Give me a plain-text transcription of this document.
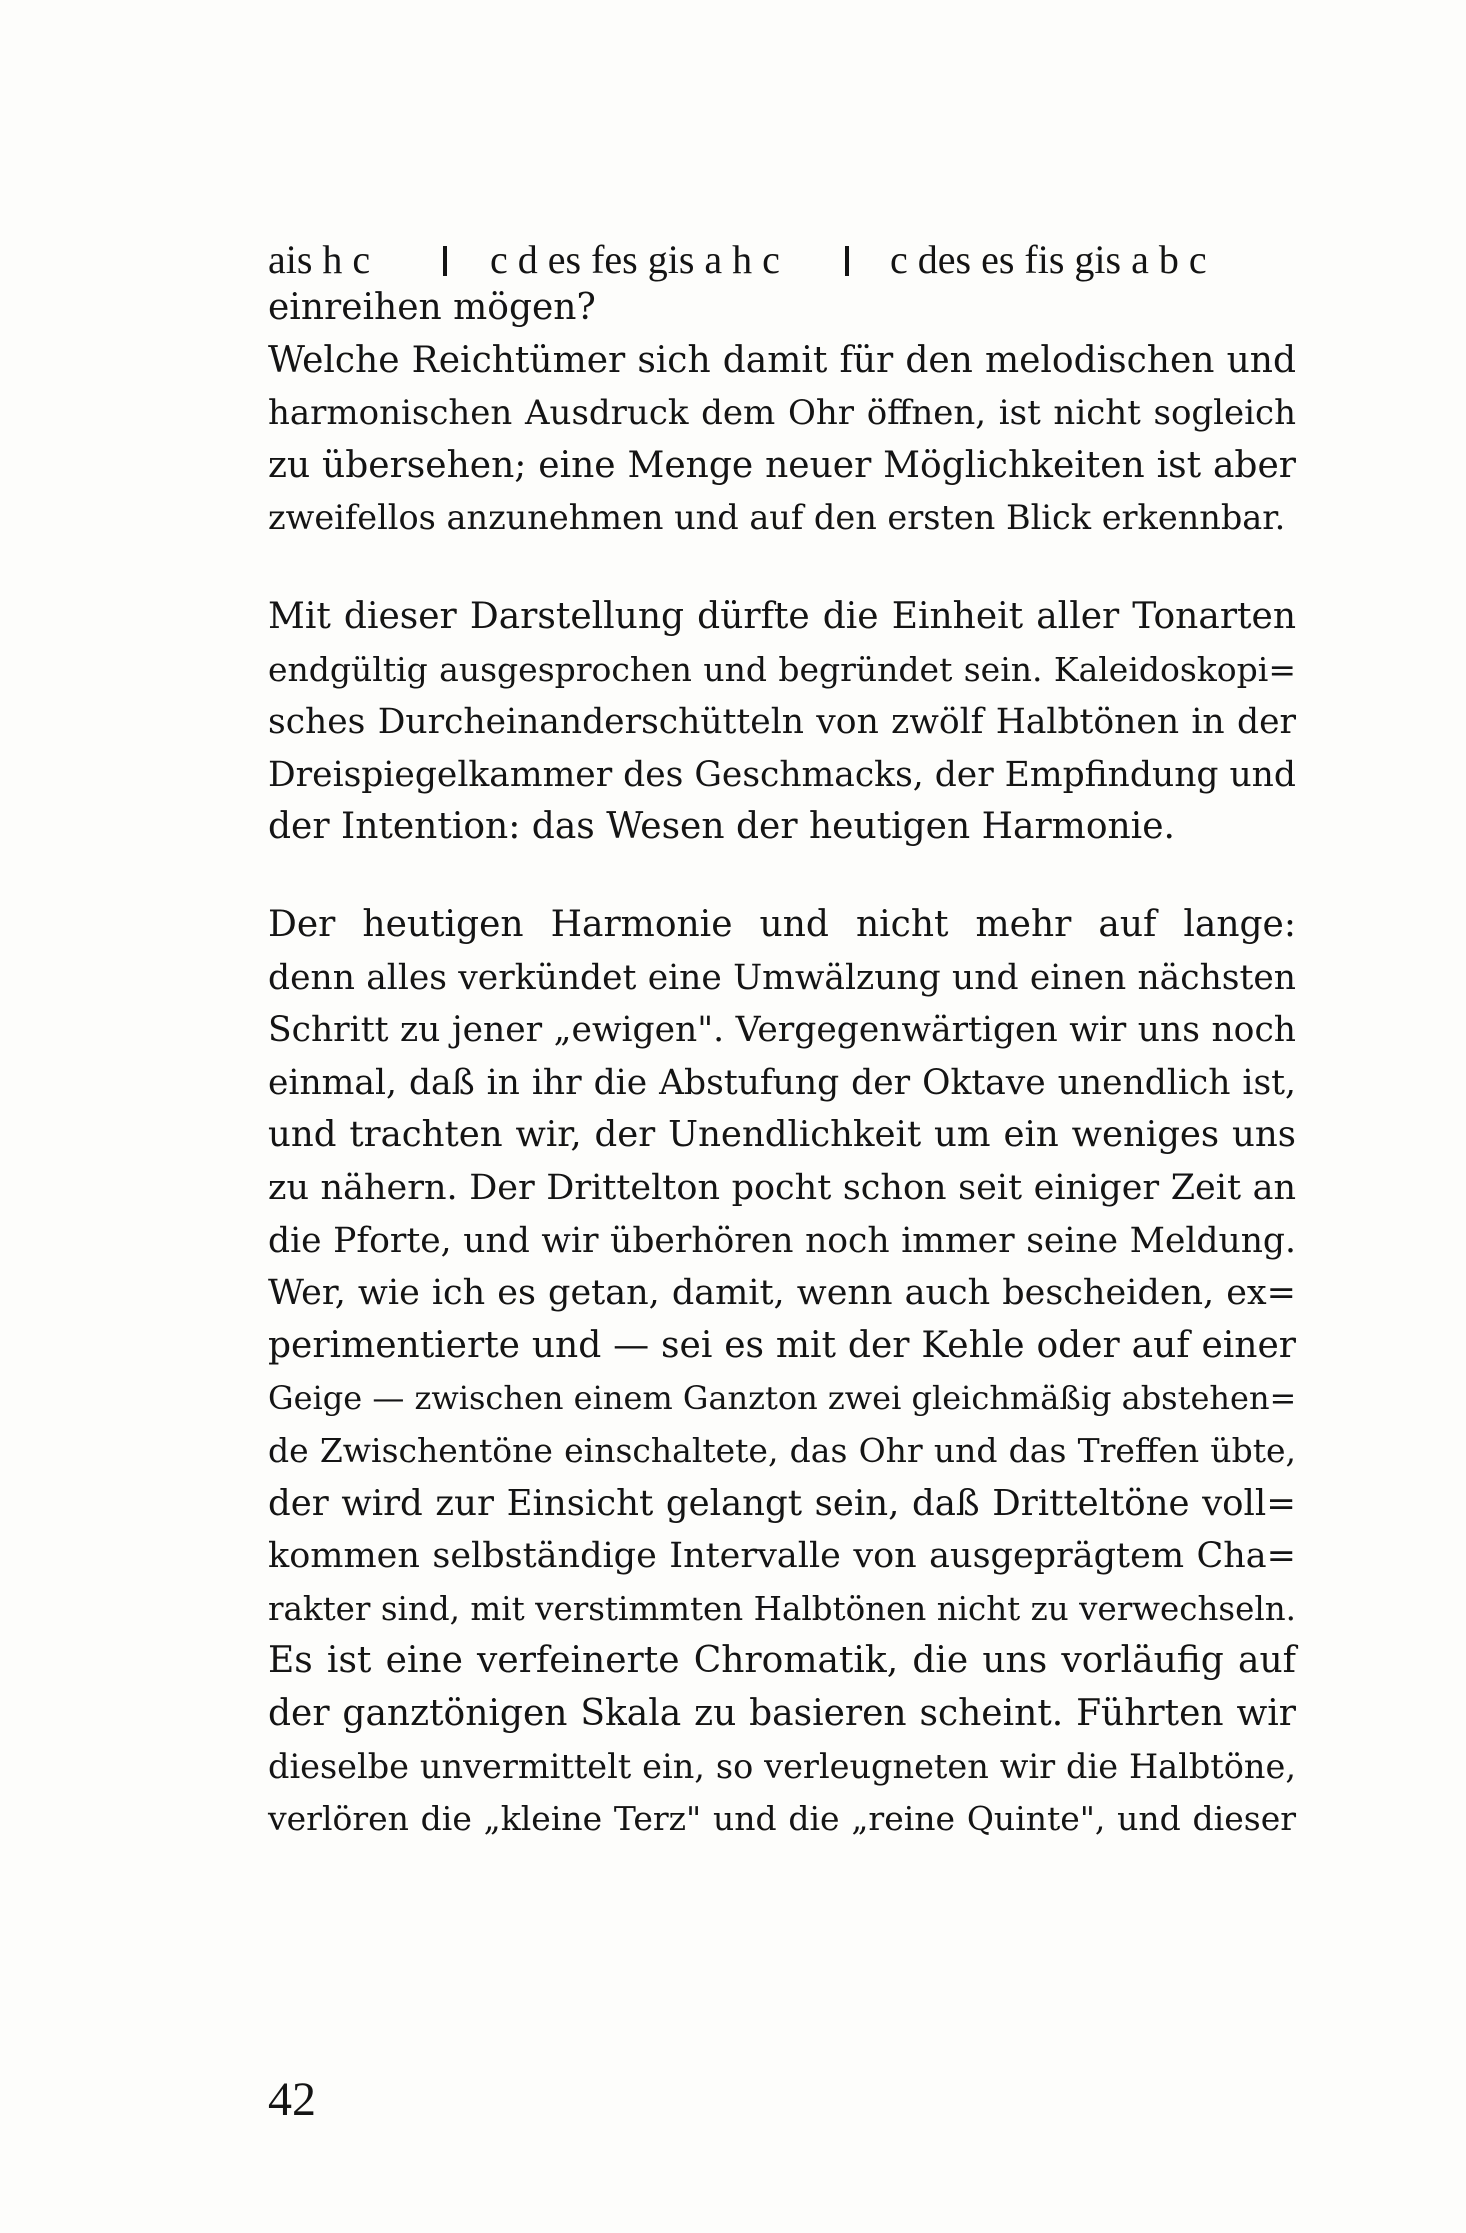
ais h c	c d es fes gis a h c	c des es fis gis a b c
einreihen mögen?
Welche Reichtümer sich damit für den melodischen und
harmonischen Ausdruck dem Ohr öffnen, ist nicht sogleich
zu übersehen; eine Menge neuer Möglichkeiten ist aber
zweifellos anzunehmen und auf den ersten Blick erkennbar.
Mit dieser Darstellung dürfte die Einheit aller Tonarten
endgültig ausgesprochen und begründet sein. Kaleidoskopi=
sches Durcheinanderschütteln von zwölf Halbtönen in der
Dreispiegelkammer des Geschmacks, der Empfindung und
der Intention: das Wesen der heutigen Harmonie.
Der heutigen Harmonie und nicht mehr auf lange:
denn alles verkündet eine Umwälzung und einen nächsten
Schritt zu jener „ewigen". Vergegenwärtigen wir uns noch
einmal, daß in ihr die Abstufung der Oktave unendlich ist,
und trachten wir, der Unendlichkeit um ein weniges uns
zu nähern. Der Drittelton pocht schon seit einiger Zeit an
die Pforte, und wir überhören noch immer seine Meldung.
Wer, wie ich es getan, damit, wenn auch bescheiden, ex=
perimentierte und — sei es mit der Kehle oder auf einer
Geige — zwischen einem Ganzton zwei gleichmäßig abstehen=
de Zwischentöne einschaltete, das Ohr und das Treffen übte,
der wird zur Einsicht gelangt sein, daß Dritteltöne voll=
kommen selbständige Intervalle von ausgeprägtem Cha=
rakter sind, mit verstimmten Halbtönen nicht zu verwechseln.
Es ist eine verfeinerte Chromatik, die uns vorläufig auf
der ganztönigen Skala zu basieren scheint. Führten wir
dieselbe unvermittelt ein, so verleugneten wir die Halbtöne,
verlören die „kleine Terz" und die „reine Quinte", und dieser
42
